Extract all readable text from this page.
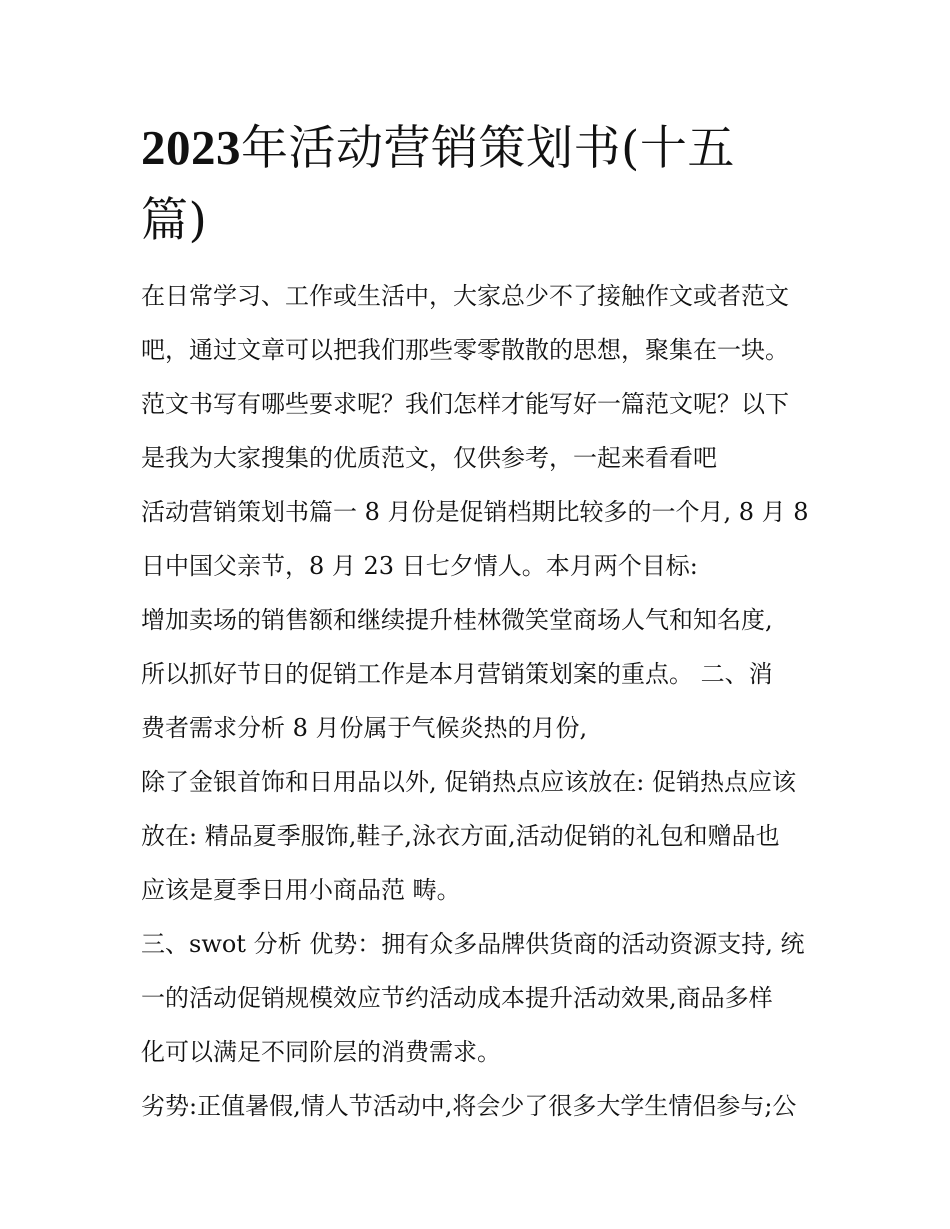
2023年活动营销策划书(十五
篇)
在日常学习、工作或生活中，大家总少不了接触作文或者范文
吧，通过文章可以把我们那些零零散散的思想，聚集在一块。
范文书写有哪些要求呢？我们怎样才能写好一篇范文呢？以下
是我为大家搜集的优质范文，仅供参考，一起来看看吧
活动营销策划书篇一 8 月份是促销档期比较多的一个月, 8 月 8
日中国父亲节，8 月 23 日七夕情人。本月两个目标:
增加卖场的销售额和继续提升桂林微笑堂商场人气和知名度,
所以抓好节日的促销工作是本月营销策划案的重点。 二、消
费者需求分析 8 月份属于气候炎热的月份,
除了金银首饰和日用品以外, 促销热点应该放在: 促销热点应该
放在: 精品夏季服饰,鞋子,泳衣方面,活动促销的礼包和赠品也
应该是夏季日用小商品范 畴。
三、swot 分析 优势：拥有众多品牌供货商的活动资源支持, 统
一的活动促销规模效应节约活动成本提升活动效果,商品多样
化可以满足不同阶层的消费需求。
劣势:正值暑假,情人节活动中,将会少了很多大学生情侣参与;公
